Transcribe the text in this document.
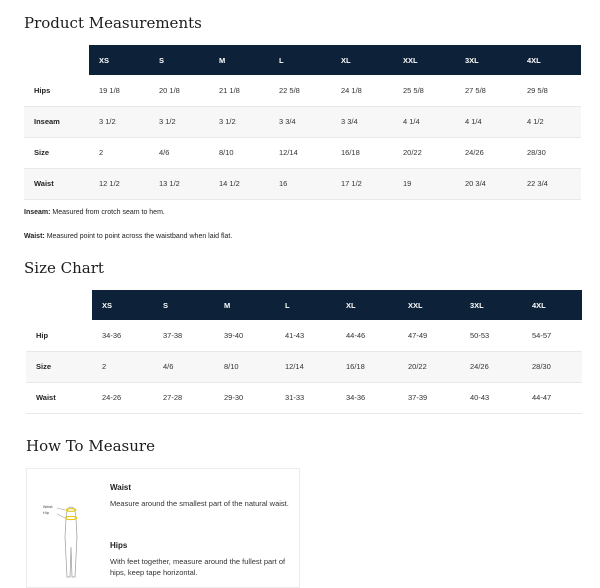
Product Measurements
	XS	S	M	L	XL	XXL	3XL	4XL
Hips	19 1/8	20 1/8	21 1/8	22 5/8	24 1/8	25 5/8	27 5/8	29 5/8
Inseam	3 1/2	3 1/2	3 1/2	3 3/4	3 3/4	4 1/4	4 1/4	4 1/2
Size	2	4/6	8/10	12/14	16/18	20/22	24/26	28/30
Waist	12 1/2	13 1/2	14 1/2	16	17 1/2	19	20 3/4	22 3/4

Inseam: Measured from crotch seam to hem.

Waist: Measured point to point across the waistband when laid flat.

Size Chart
	XS	S	M	L	XL	XXL	3XL	4XL
Hip	34-36	37-38	39-40	41-43	44-46	47-49	50-53	54-57
Size	2	4/6	8/10	12/14	16/18	20/22	24/26	28/30
Waist	24-26	27-28	29-30	31-33	34-36	37-39	40-43	44-47
How To Measure
Waist
Hip

Waist

Measure around the smallest part of the natural waist.

Hips

With feet together, measure around the fullest part of hips, keep tape horizontal.
